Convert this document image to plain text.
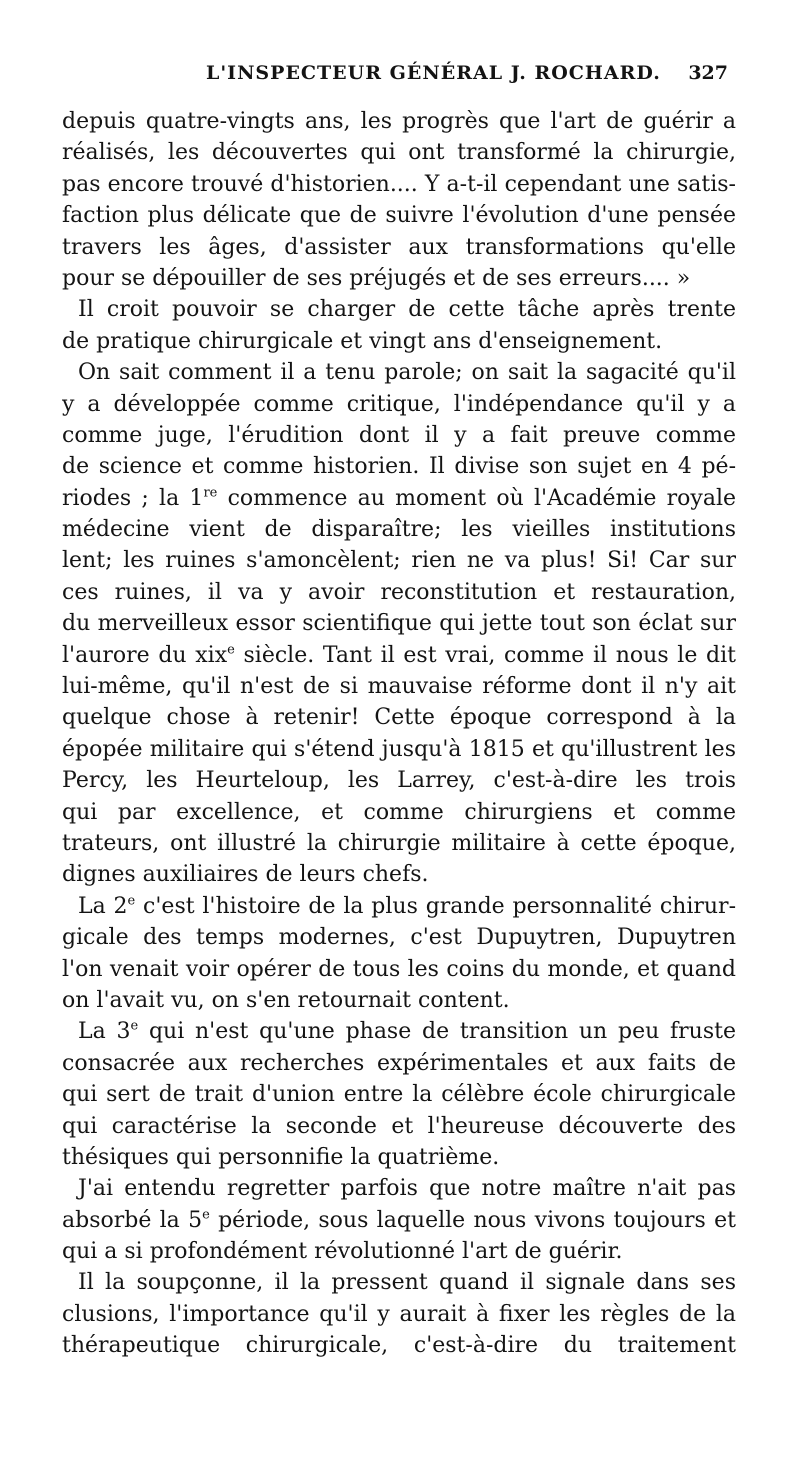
L'INSPECTEUR GÉNÉRAL J. ROCHARD. 327
depuis quatre-vingts ans, les progrès que l'art de guérir a
réalisés, les découvertes qui ont transformé la chirurgie,
pas encore trouvé d'historien.... Y a-t-il cependant une satis-
faction plus délicate que de suivre l'évolution d'une pensée
travers les âges, d'assister aux transformations qu'elle
pour se dépouiller de ses préjugés et de ses erreurs.... »
Il croit pouvoir se charger de cette tâche après trente
de pratique chirurgicale et vingt ans d'enseignement.
On sait comment il a tenu parole; on sait la sagacité qu'il
y a développée comme critique, l'indépendance qu'il y a
comme juge, l'érudition dont il y a fait preuve comme
de science et comme historien. Il divise son sujet en 4 pé-
riodes ; la 1re commence au moment où l'Académie royale
médecine vient de disparaître; les vieilles institutions
lent; les ruines s'amoncèlent; rien ne va plus! Si! Car sur
ces ruines, il va y avoir reconstitution et restauration,
du merveilleux essor scientifique qui jette tout son éclat sur
l'aurore du xix$^e$ siècle. Tant il est vrai, comme il nous le dit
lui-même, qu'il n'est de si mauvaise réforme dont il n'y ait
quelque chose à retenir! Cette époque correspond à la
épopée militaire qui s'étend jusqu'à 1815 et qu'illustrent les
Percy, les Heurteloup, les Larrey, c'est-à-dire les trois
qui par excellence, et comme chirurgiens et comme
trateurs, ont illustré la chirurgie militaire à cette époque,
dignes auxiliaires de leurs chefs.
La 2e c'est l'histoire de la plus grande personnalité chirur-
gicale des temps modernes, c'est Dupuytren, Dupuytren
l'on venait voir opérer de tous les coins du monde, et quand
on l'avait vu, on s'en retournait content.
La 3e qui n'est qu'une phase de transition un peu fruste
consacrée aux recherches expérimentales et aux faits de
qui sert de trait d'union entre la célèbre école chirurgicale
qui caractérise la seconde et l'heureuse découverte des
thésiques qui personnifie la quatrième.
J'ai entendu regretter parfois que notre maître n'ait pas
absorbé la 5e période, sous laquelle nous vivons toujours et
qui a si profondément révolutionné l'art de guérir.
Il la soupçonne, il la pressent quand il signale dans ses
clusions, l'importance qu'il y aurait à fixer les règles de la
thérapeutique chirurgicale, c'est-à-dire du traitement
